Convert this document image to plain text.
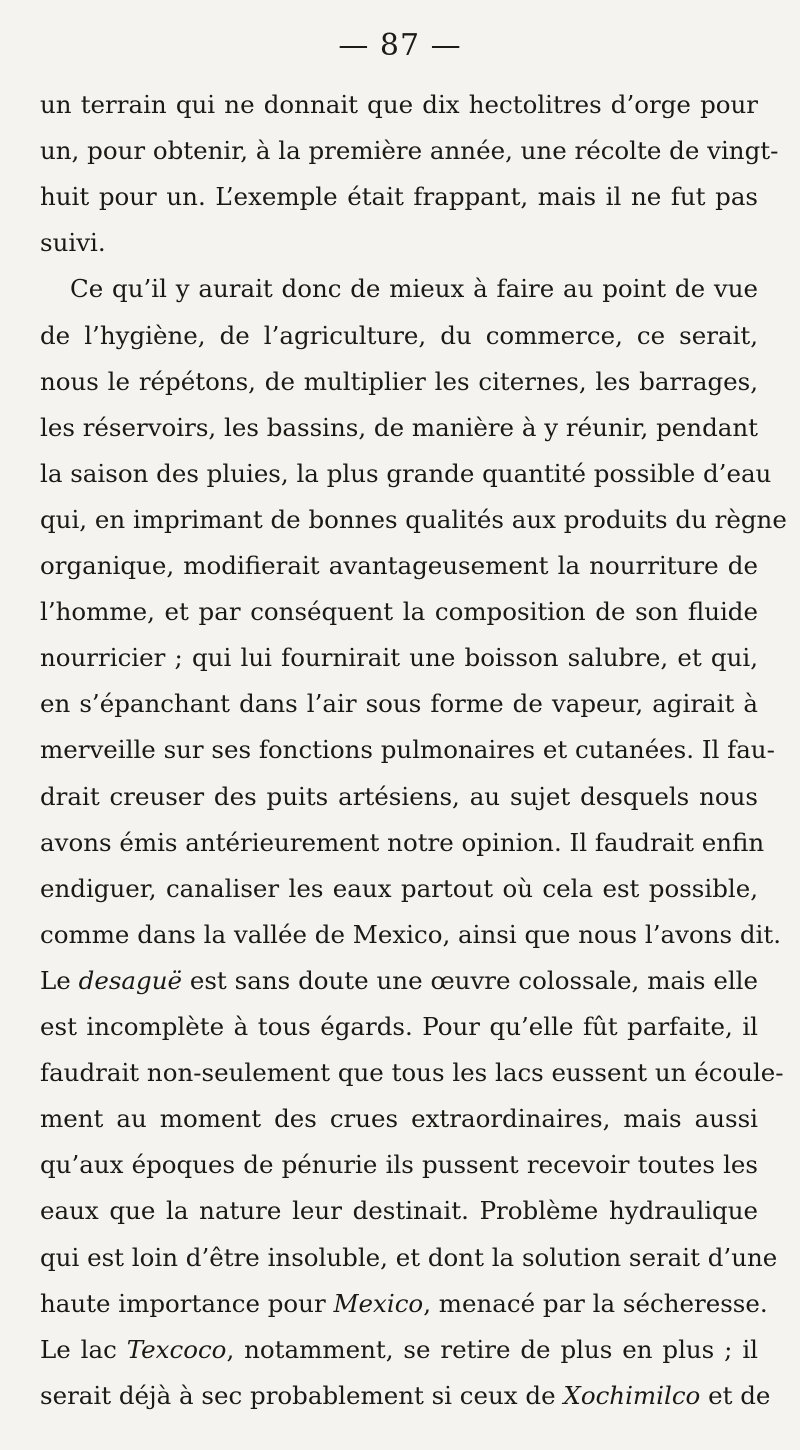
— 87 —
un terrain qui ne donnait que dix hectolitres d’orge pour
un, pour obtenir, à la première année, une récolte de vingt-
huit pour un. L’exemple était frappant, mais il ne fut pas
suivi.
Ce qu’il y aurait donc de mieux à faire au point de vue
de l’hygiène, de l’agriculture, du commerce, ce serait,
nous le répétons, de multiplier les citernes, les barrages,
les réservoirs, les bassins, de manière à y réunir, pendant
la saison des pluies, la plus grande quantité possible d’eau
qui, en imprimant de bonnes qualités aux produits du règne
organique, modifierait avantageusement la nourriture de
l’homme, et par conséquent la composition de son fluide
nourricier ; qui lui fournirait une boisson salubre, et qui,
en s’épanchant dans l’air sous forme de vapeur, agirait à
merveille sur ses fonctions pulmonaires et cutanées. Il fau-
drait creuser des puits artésiens, au sujet desquels nous
avons émis antérieurement notre opinion. Il faudrait enfin
endiguer, canaliser les eaux partout où cela est possible,
comme dans la vallée de Mexico, ainsi que nous l’avons dit.
Le desaguë est sans doute une œuvre colossale, mais elle
est incomplète à tous égards. Pour qu’elle fût parfaite, il
faudrait non-seulement que tous les lacs eussent un écoule-
ment au moment des crues extraordinaires, mais aussi
qu’aux époques de pénurie ils pussent recevoir toutes les
eaux que la nature leur destinait. Problème hydraulique
qui est loin d’être insoluble, et dont la solution serait d’une
haute importance pour Mexico, menacé par la sécheresse.
Le lac Texcoco, notamment, se retire de plus en plus ; il
serait déjà à sec probablement si ceux de Xochimilco et de
